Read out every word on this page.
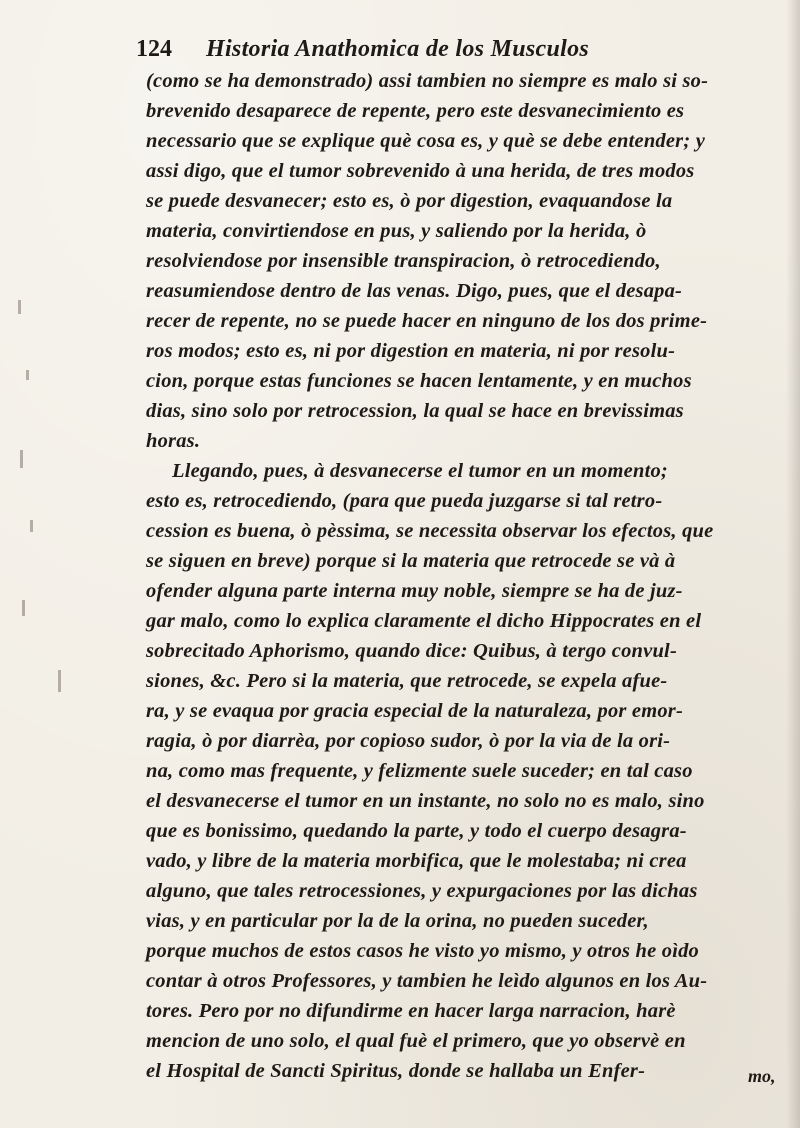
124 Historia Anathomica de los Musculos
(como se ha demonstrado) assi tambien no siempre es malo si so-
brevenido desaparece de repente, pero este desvanecimiento es
necessario que se explique què cosa es, y què se debe entender; y
assi digo, que el tumor sobrevenido à una herida, de tres modos
se puede desvanecer; esto es, ò por digestion, evaquandose la
materia, convirtiendose en pus, y saliendo por la herida, ò
resolviendose por insensible transpiracion, ò retrocediendo,
reasumiendose dentro de las venas. Digo, pues, que el desapa-
recer de repente, no se puede hacer en ninguno de los dos prime-
ros modos; esto es, ni por digestion en materia, ni por resolu-
cion, porque estas funciones se hacen lentamente, y en muchos
dias, sino solo por retrocession, la qual se hace en brevissimas
horas.
Llegando, pues, à desvanecerse el tumor en un momento;
esto es, retrocediendo, (para que pueda juzgarse si tal retro-
cession es buena, ò pèssima, se necessita observar los efectos, que
se siguen en breve) porque si la materia que retrocede se và à
ofender alguna parte interna muy noble, siempre se ha de juz-
gar malo, como lo explica claramente el dicho Hippocrates en el
sobrecitado Aphorismo, quando dice: Quibus, à tergo convul-
siones, &c. Pero si la materia, que retrocede, se expela afue-
ra, y se evaqua por gracia especial de la naturaleza, por emor-
ragia, ò por diarrèa, por copioso sudor, ò por la via de la ori-
na, como mas frequente, y felizmente suele suceder; en tal caso
el desvanecerse el tumor en un instante, no solo no es malo, sino
que es bonissimo, quedando la parte, y todo el cuerpo desagra-
vado, y libre de la materia morbifica, que le molestaba; ni crea
alguno, que tales retrocessiones, y expurgaciones por las dichas
vias, y en particular por la de la orina, no pueden suceder,
porque muchos de estos casos he visto yo mismo, y otros he oìdo
contar à otros Professores, y tambien he leìdo algunos en los Au-
tores. Pero por no difundirme en hacer larga narracion, harè
mencion de uno solo, el qual fuè el primero, que yo observè en
el Hospital de Sancti Spiritus, donde se hallaba un Enfer-	mo,
